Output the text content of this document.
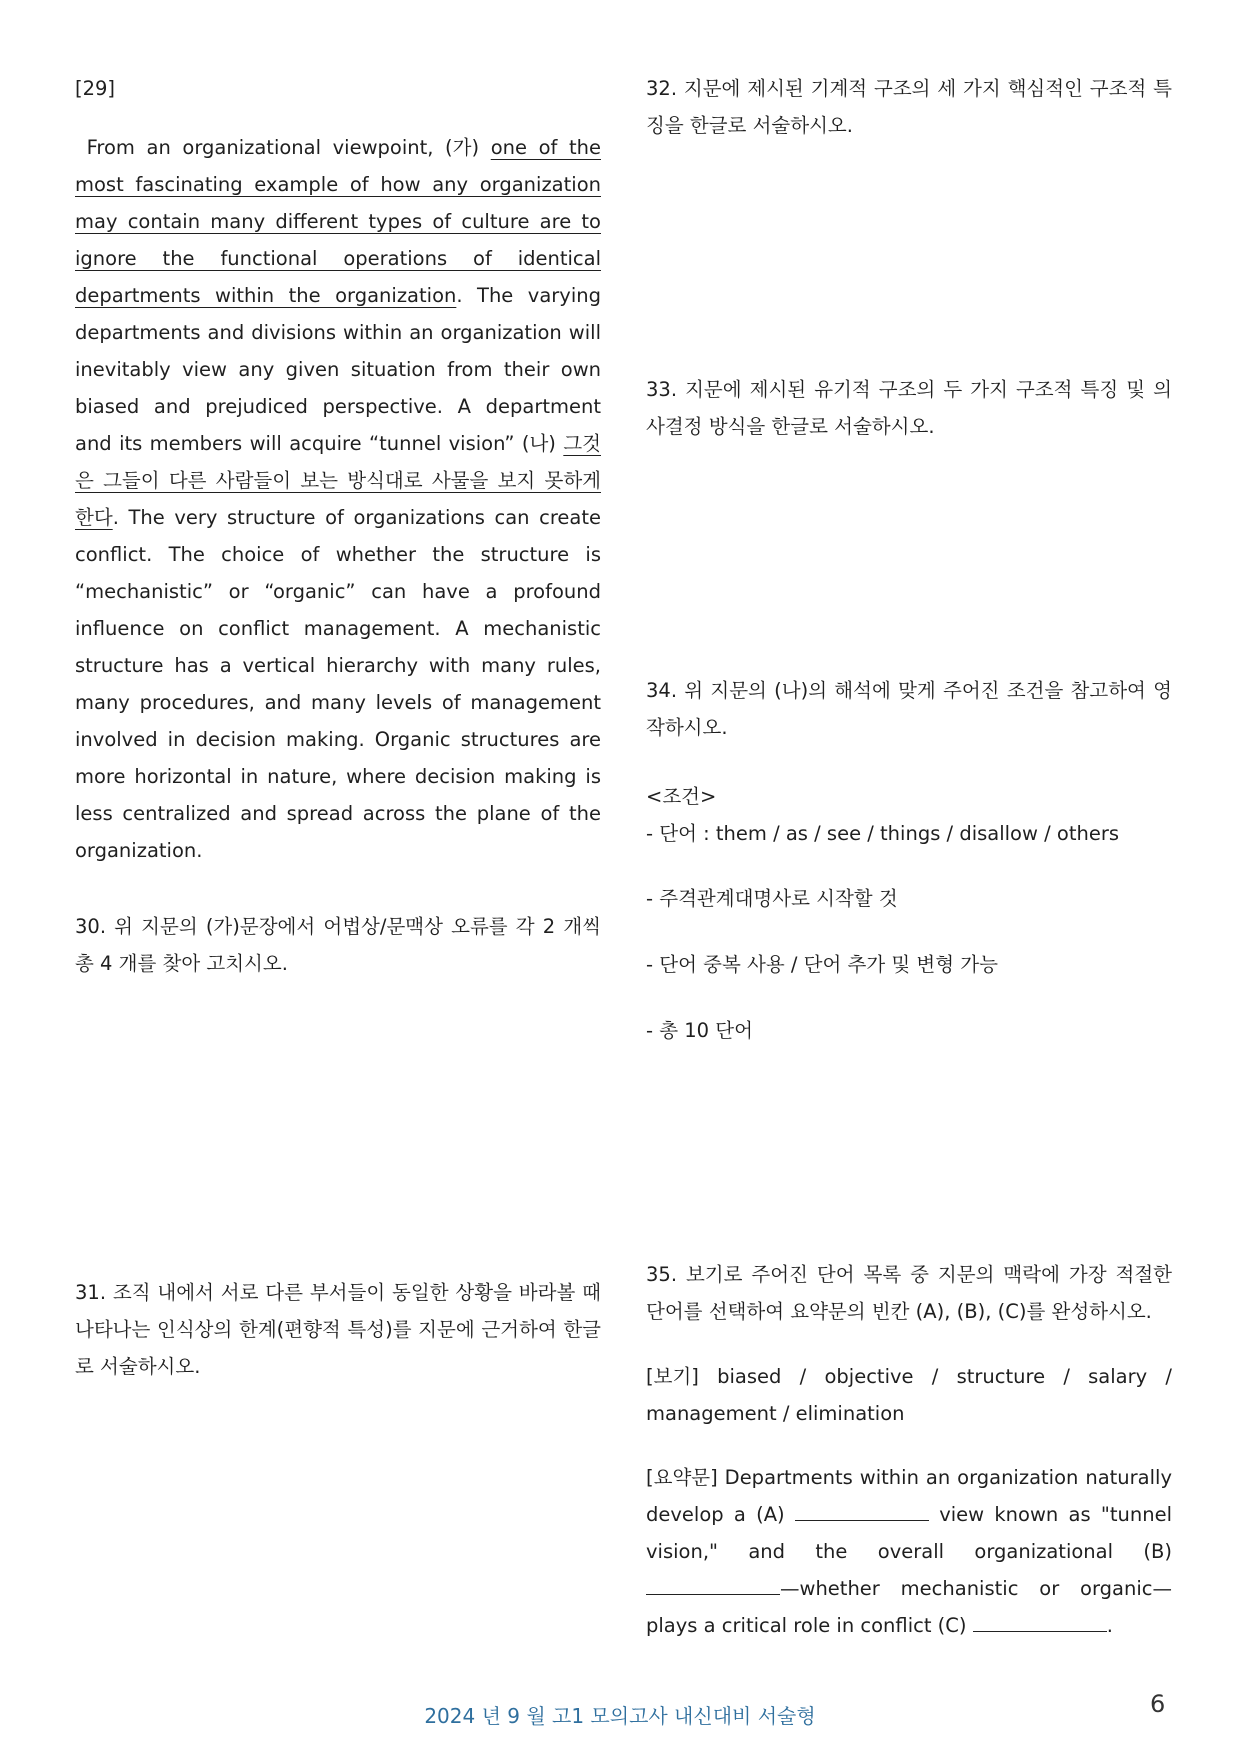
[29]

From an organizational viewpoint, (가) one of the most fascinating example of how any organization may contain many different types of culture are to ignore the functional operations of identical departments within the organization. The varying departments and divisions within an organization will inevitably view any given situation from their own biased and prejudiced perspective. A department and its members will acquire “tunnel vision” (나) 그것은 그들이 다른 사람들이 보는 방식대로 사물을 보지 못하게 한다. The very structure of organizations can create conflict. The choice of whether the structure is “mechanistic” or “organic” can have a profound influence on conflict management. A mechanistic structure has a vertical hierarchy with many rules, many procedures, and many levels of management involved in decision making. Organic structures are more horizontal in nature, where decision making is less centralized and spread across the plane of the organization.

30. 위 지문의 (가)문장에서 어법상/문맥상 오류를 각 2 개씩 총 4 개를 찾아 고치시오.

31. 조직 내에서 서로 다른 부서들이 동일한 상황을 바라볼 때 나타나는 인식상의 한계(편향적 특성)를 지문에 근거하여 한글로 서술하시오.

32. 지문에 제시된 기계적 구조의 세 가지 핵심적인 구조적 특징을 한글로 서술하시오.

33. 지문에 제시된 유기적 구조의 두 가지 구조적 특징 및 의사결정 방식을 한글로 서술하시오.

34. 위 지문의 (나)의 해석에 맞게 주어진 조건을 참고하여 영작하시오.

<조건>
- 단어 : them / as / see / things / disallow / others
- 주격관계대명사로 시작할 것
- 단어 중복 사용 / 단어 추가 및 변형 가능
- 총 10 단어

35. 보기로 주어진 단어 목록 중 지문의 맥락에 가장 적절한 단어를 선택하여 요약문의 빈칸 (A), (B), (C)를 완성하시오.

[보기] biased / objective / structure / salary / management / elimination

[요약문] Departments within an organization naturally develop a (A)	view known as "tunnel vision," and the overall organizational (B) —whether mechanistic or organic—plays a critical role in conflict (C)	.

2024 년 9 월 고1 모의고사 내신대비 서술형	6
